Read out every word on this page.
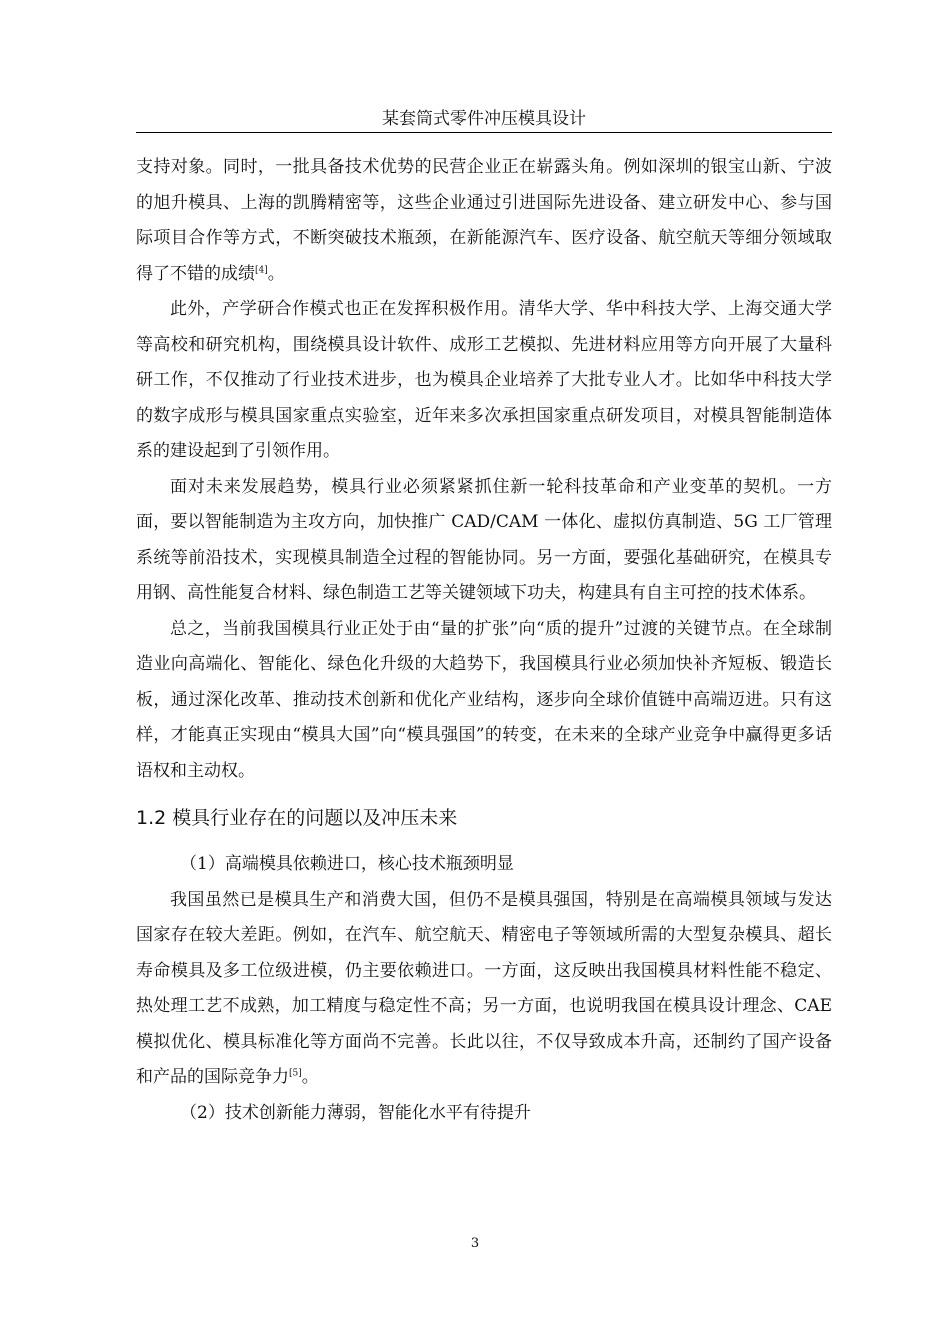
某套筒式零件冲压模具设计

支持对象。同时，一批具备技术优势的民营企业正在崭露头角。例如深圳的银宝山新、宁波的旭升模具、上海的凯腾精密等，这些企业通过引进国际先进设备、建立研发中心、参与国际项目合作等方式，不断突破技术瓶颈，在新能源汽车、医疗设备、航空航天等细分领域取得了不错的成绩[4]。

此外，产学研合作模式也正在发挥积极作用。清华大学、华中科技大学、上海交通大学等高校和研究机构，围绕模具设计软件、成形工艺模拟、先进材料应用等方向开展了大量科研工作，不仅推动了行业技术进步，也为模具企业培养了大批专业人才。比如华中科技大学的数字成形与模具国家重点实验室，近年来多次承担国家重点研发项目，对模具智能制造体系的建设起到了引领作用。

面对未来发展趋势，模具行业必须紧紧抓住新一轮科技革命和产业变革的契机。一方面，要以智能制造为主攻方向，加快推广 CAD/CAM 一体化、虚拟仿真制造、5G 工厂管理系统等前沿技术，实现模具制造全过程的智能协同。另一方面，要强化基础研究，在模具专用钢、高性能复合材料、绿色制造工艺等关键领域下功夫，构建具有自主可控的技术体系。

总之，当前我国模具行业正处于由“量的扩张”向“质的提升”过渡的关键节点。在全球制造业向高端化、智能化、绿色化升级的大趋势下，我国模具行业必须加快补齐短板、锻造长板，通过深化改革、推动技术创新和优化产业结构，逐步向全球价值链中高端迈进。只有这样，才能真正实现由“模具大国”向“模具强国”的转变，在未来的全球产业竞争中赢得更多话语权和主动权。

1.2 模具行业存在的问题以及冲压未来

（1）高端模具依赖进口，核心技术瓶颈明显

我国虽然已是模具生产和消费大国，但仍不是模具强国，特别是在高端模具领域与发达国家存在较大差距。例如，在汽车、航空航天、精密电子等领域所需的大型复杂模具、超长寿命模具及多工位级进模，仍主要依赖进口。一方面，这反映出我国模具材料性能不稳定、热处理工艺不成熟，加工精度与稳定性不高；另一方面，也说明我国在模具设计理念、CAE 模拟优化、模具标准化等方面尚不完善。长此以往，不仅导致成本升高，还制约了国产设备和产品的国际竞争力[5]。

（2）技术创新能力薄弱，智能化水平有待提升

3
